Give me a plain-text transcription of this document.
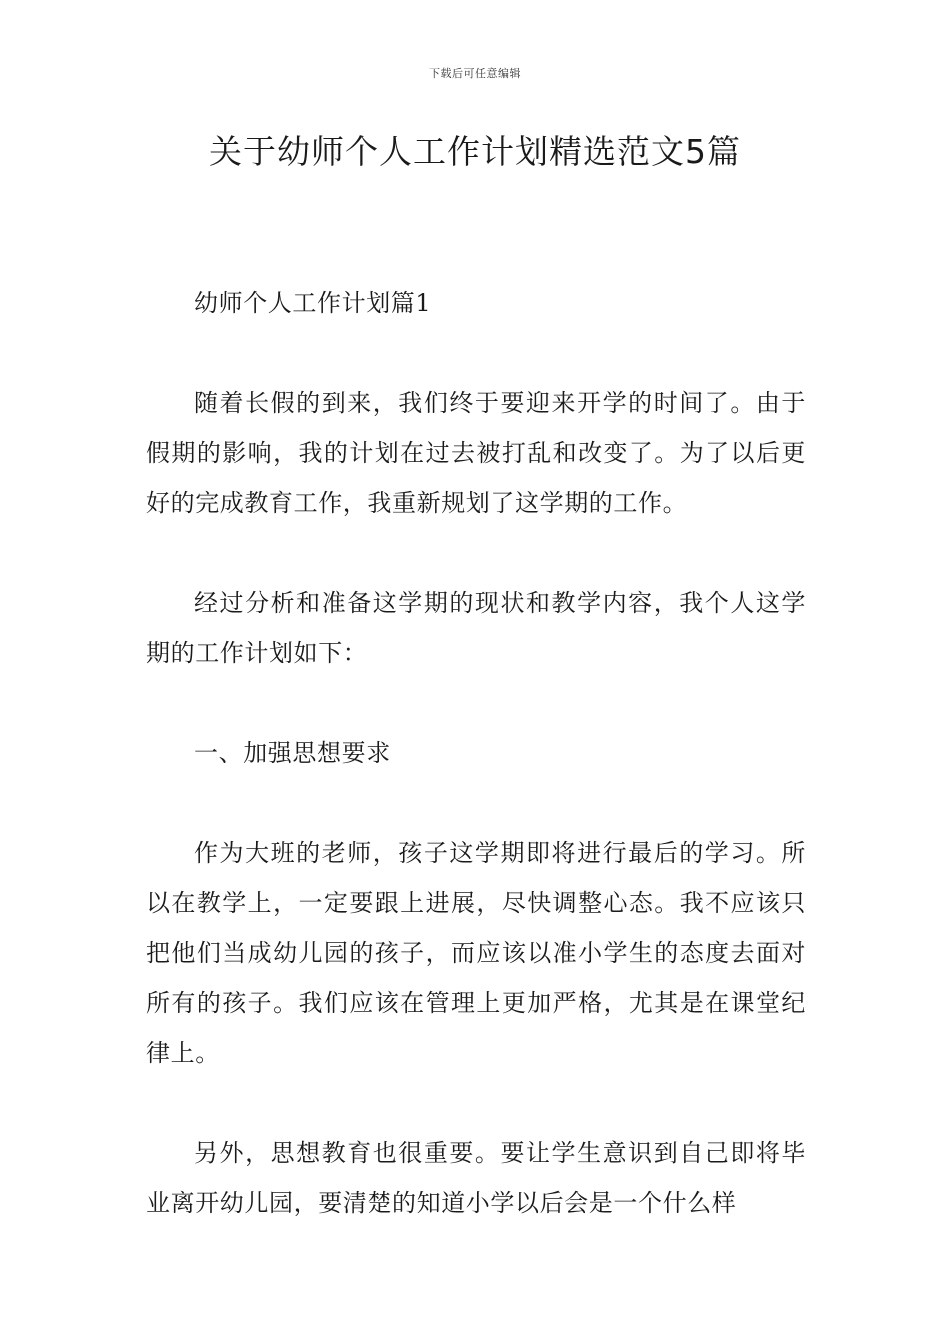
下载后可任意编辑
关于幼师个人工作计划精选范文5篇

幼师个人工作计划篇1

随着长假的到来，我们终于要迎来开学的时间了。由于假期的影响，我的计划在过去被打乱和改变了。为了以后更好的完成教育工作，我重新规划了这学期的工作。

经过分析和准备这学期的现状和教学内容，我个人这学期的工作计划如下：

一、加强思想要求

作为大班的老师，孩子这学期即将进行最后的学习。所以在教学上，一定要跟上进展，尽快调整心态。我不应该只把他们当成幼儿园的孩子，而应该以准小学生的态度去面对所有的孩子。我们应该在管理上更加严格，尤其是在课堂纪律上。

另外，思想教育也很重要。要让学生意识到自己即将毕业离开幼儿园，要清楚的知道小学以后会是一个什么样
